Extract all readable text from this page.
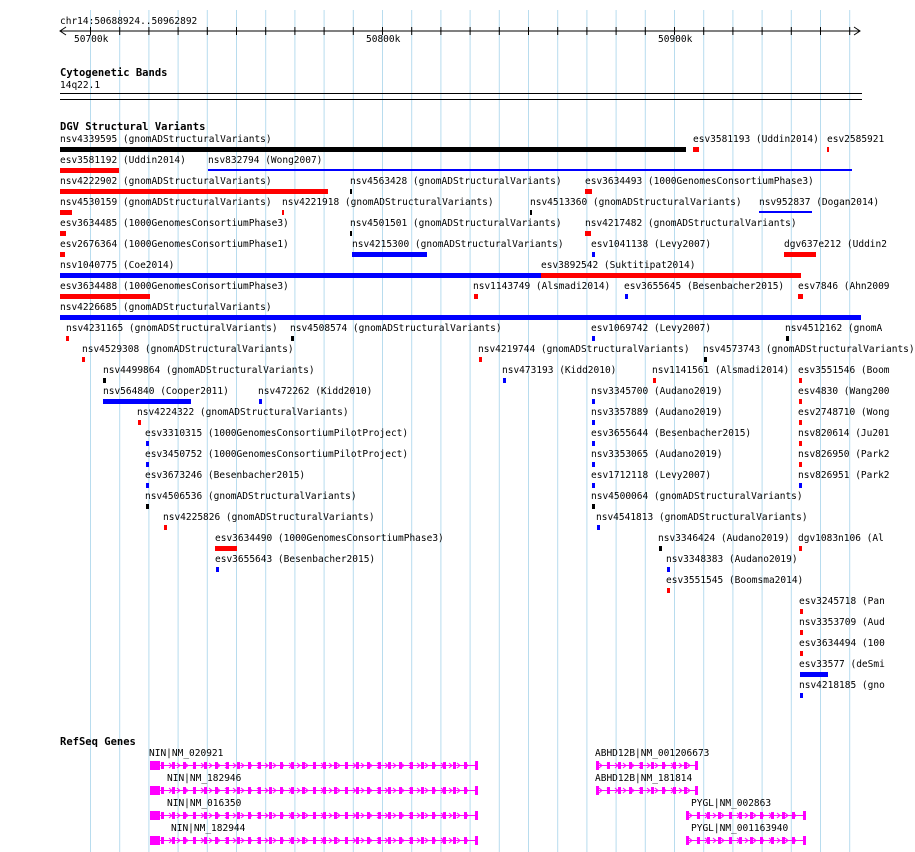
chr14:50688924..50962892
50700k	50800k	50900k
Cytogenetic Bands
14q22.1
DGV Structural Variants
nsv4339595 (gnomADStructuralVariants)	esv3581193 (Uddin2014) esv2585921
esv3581192 (Uddin2014) nsv832794 (Wong2007)
nsv4222902 (gnomADStructuralVariants)	nsv4563428 (gnomADStructuralVariants) esv3634493 (1000GenomesConsortiumPhase3)
nsv4530159 (gnomADStructuralVariants) nsv4221918 (gnomADStructuralVariants)	nsv4513360 (gnomADStructuralVariants) nsv952837 (Dogan2014)
esv3634485 (1000GenomesConsortiumPhase3)	nsv4501501 (gnomADStructuralVariants) nsv4217482 (gnomADStructuralVariants)
esv2676364 (1000GenomesConsortiumPhase1)	nsv4215300 (gnomADStructuralVariants)	esv1041138 (Levy2007)	dgv637e212 (Uddin2
nsv1040775 (Coe2014)	esv3892542 (Suktitipat2014)
esv3634488 (1000GenomesConsortiumPhase3)	nsv1143749 (Alsmadi2014) esv3655645 (Besenbacher2015) esv7846 (Ahn2009
nsv4226685 (gnomADStructuralVariants)
nsv4231165 (gnomADStructuralVariants) nsv4508574 (gnomADStructuralVariants)	esv1069742 (Levy2007)	nsv4512162 (gnomA
nsv4529308 (gnomADStructuralVariants)	nsv4219744 (gnomADStructuralVariants) nsv4573743 (gnomADStructuralVariants)
nsv4499864 (gnomADStructuralVariants)	nsv473193 (Kidd2010)	nsv1141561 (Alsmadi2014) esv3551546 (Boom
nsv564840 (Cooper2011)	nsv472262 (Kidd2010)	nsv3345700 (Audano2019)	esv4830 (Wang200
nsv4224322 (gnomADStructuralVariants)	nsv3357889 (Audano2019)	esv2748710 (Wong
esv3310315 (1000GenomesConsortiumPilotProject)	esv3655644 (Besenbacher2015)	nsv820614 (Ju201
esv3450752 (1000GenomesConsortiumPilotProject)	nsv3353065 (Audano2019)	nsv826950 (Park2
esv3673246 (Besenbacher2015)	esv1712118 (Levy2007)	nsv826951 (Park2
nsv4506536 (gnomADStructuralVariants)	nsv4500064 (gnomADStructuralVariants)
nsv4225826 (gnomADStructuralVariants)	nsv4541813 (gnomADStructuralVariants)
esv3634490 (1000GenomesConsortiumPhase3)	nsv3346424 (Audano2019) dgv1083n106 (Al
esv3655643 (Besenbacher2015)	nsv3348383 (Audano2019)
esv3551545 (Boomsma2014)
esv3245718 (Pan
nsv3353709 (Aud
esv3634494 (100
esv33577 (deSmi
nsv4218185 (gno
RefSeq Genes
NIN|NM_020921
NIN|NM_182946
NIN|NM_016350
NIN|NM_182944
ABHD12B|NM_001206673
ABHD12B|NM_181814
PYGL|NM_002863
PYGL|NM_001163940
